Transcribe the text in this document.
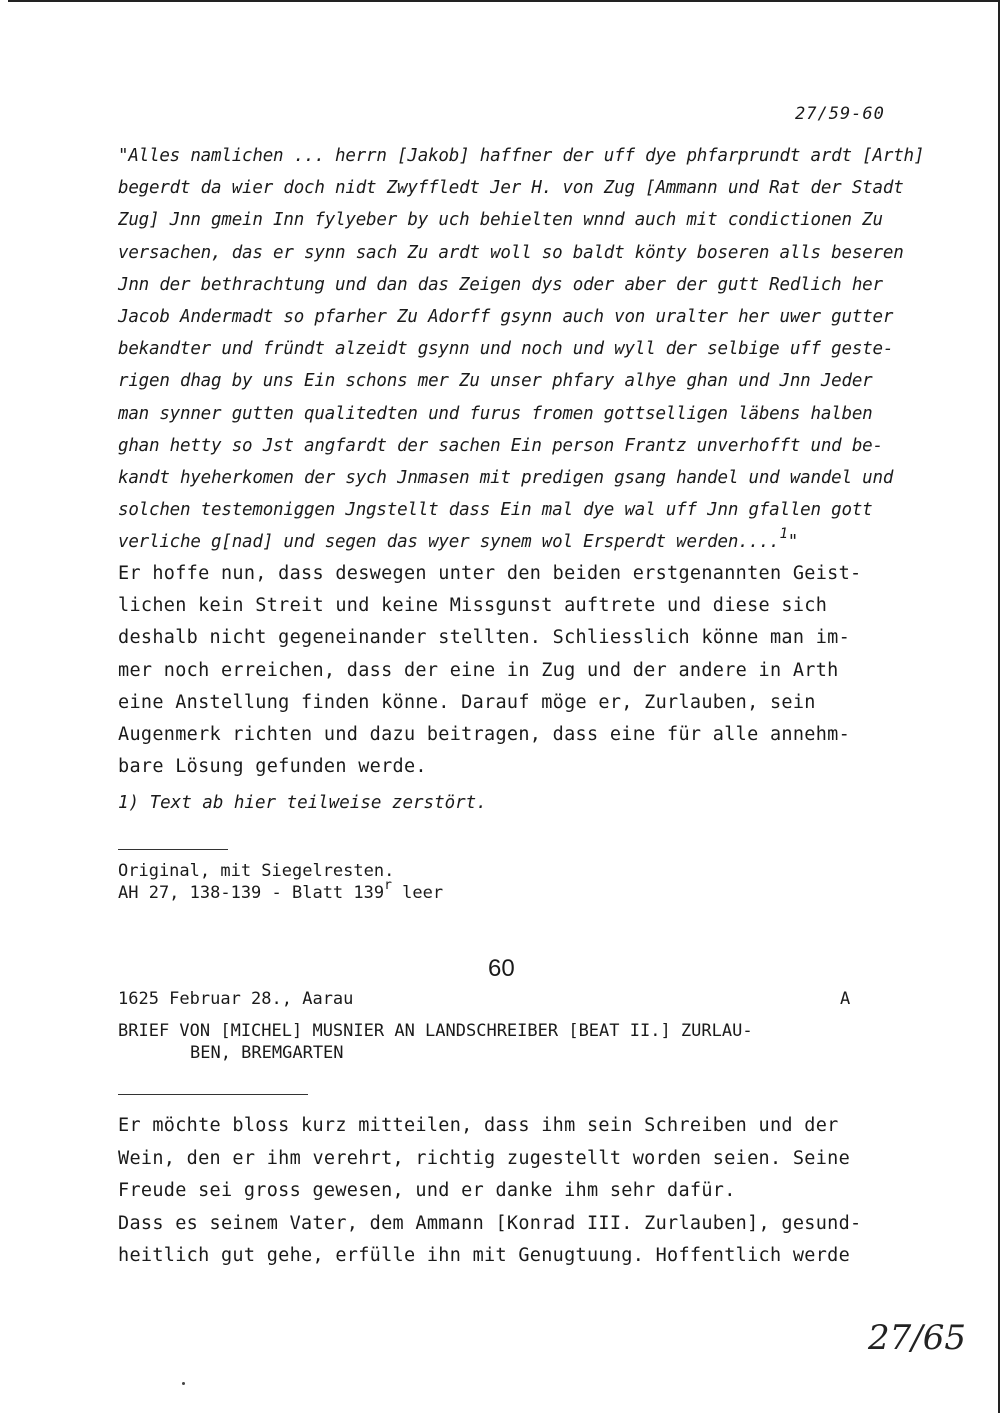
27/59-60
"Alles namlichen ... herrn [Jakob] haffner der uff dye phfarprundt ardt [Arth]
begerdt da wier doch nidt Zwyffledt Jer H. von Zug [Ammann und Rat der Stadt
Zug] Jnn gmein Inn fylyeber by uch behielten wnnd auch mit condictionen Zu
versachen, das er synn sach Zu ardt woll so baldt könty boseren alls beseren
Jnn der bethrachtung und dan das Zeigen dys oder aber der gutt Redlich her
Jacob Andermadt so pfarher Zu Adorff gsynn auch von uralter her uwer gutter
bekandter und fründt alzeidt gsynn und noch und wyll der selbige uff geste-
rigen dhag by uns Ein schons mer Zu unser phfary alhye ghan und Jnn Jeder
man synner gutten qualitedten und furus fromen gottselligen läbens halben
ghan hetty so Jst angfardt der sachen Ein person Frantz unverhofft und be-
kandt hyeherkomen der sych Jnmasen mit predigen gsang handel und wandel und
solchen testemoniggen Jngstellt dass Ein mal dye wal uff Jnn gfallen gott
verliche g[nad] und segen das wyer synem wol Ersperdt werden....$^1$"
Er hoffe nun, dass deswegen unter den beiden erstgenannten Geist-
lichen kein Streit und keine Missgunst auftrete und diese sich
deshalb nicht gegeneinander stellten. Schliesslich könne man im-
mer noch erreichen, dass der eine in Zug und der andere in Arth
eine Anstellung finden könne. Darauf möge er, Zurlauben, sein
Augenmerk richten und dazu beitragen, dass eine für alle annehm-
bare Lösung gefunden werde.
1) Text ab hier teilweise zerstört.
Original, mit Siegelresten.
AH 27, 138-139 - Blatt 139$^r$ leer
60
1625 Februar 28., Aarau	A
BRIEF VON [MICHEL] MUSNIER AN LANDSCHREIBER [BEAT II.] ZURLAU-
BEN, BREMGARTEN
Er möchte bloss kurz mitteilen, dass ihm sein Schreiben und der
Wein, den er ihm verehrt, richtig zugestellt worden seien. Seine
Freude sei gross gewesen, und er danke ihm sehr dafür.
Dass es seinem Vater, dem Ammann [Konrad III. Zurlauben], gesund-
heitlich gut gehe, erfülle ihn mit Genugtuung. Hoffentlich werde
27/65
